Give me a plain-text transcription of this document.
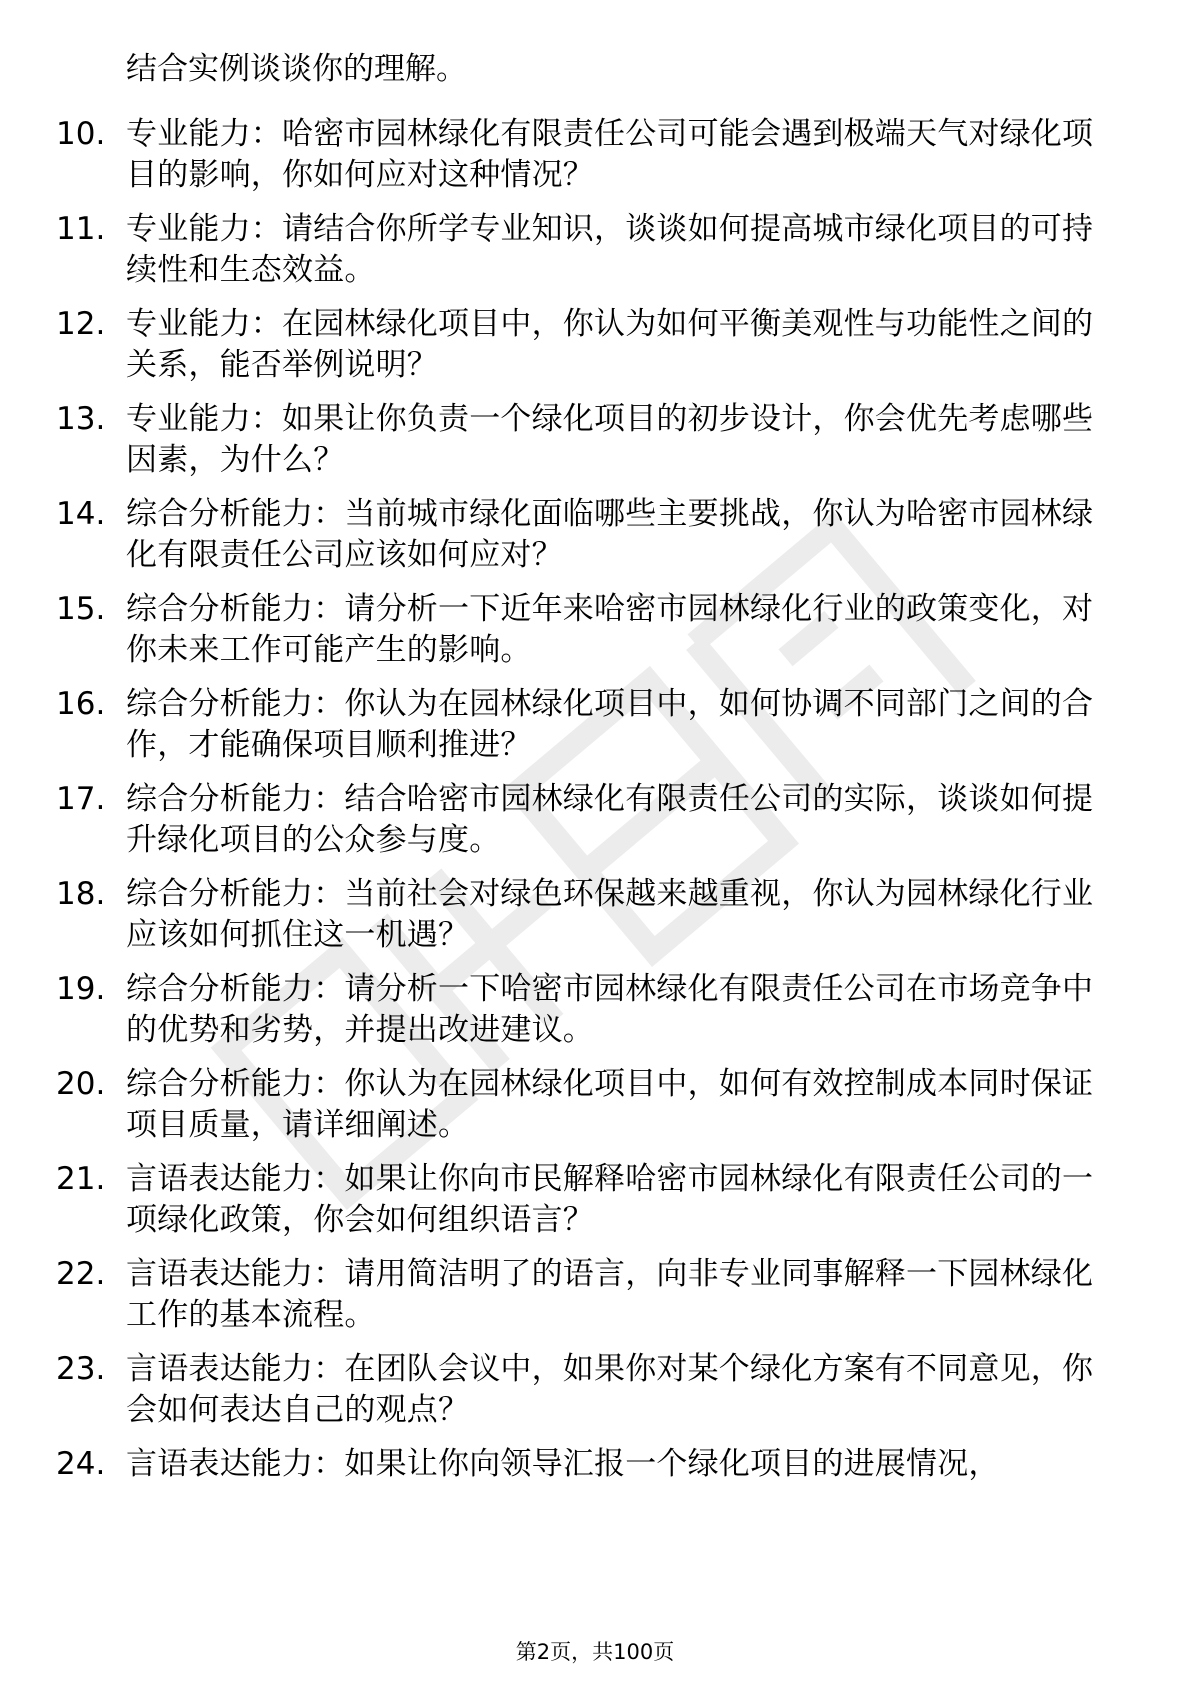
结合实例谈谈你的理解。
10. 专业能力：哈密市园林绿化有限责任公司可能会遇到极端天气对绿化项目的影响，你如何应对这种情况？
11. 专业能力：请结合你所学专业知识，谈谈如何提高城市绿化项目的可持续性和生态效益。
12. 专业能力：在园林绿化项目中，你认为如何平衡美观性与功能性之间的关系，能否举例说明？
13. 专业能力：如果让你负责一个绿化项目的初步设计，你会优先考虑哪些因素，为什么？
14. 综合分析能力：当前城市绿化面临哪些主要挑战，你认为哈密市园林绿化有限责任公司应该如何应对？
15. 综合分析能力：请分析一下近年来哈密市园林绿化行业的政策变化，对你未来工作可能产生的影响。
16. 综合分析能力：你认为在园林绿化项目中，如何协调不同部门之间的合作，才能确保项目顺利推进？
17. 综合分析能力：结合哈密市园林绿化有限责任公司的实际，谈谈如何提升绿化项目的公众参与度。
18. 综合分析能力：当前社会对绿色环保越来越重视，你认为园林绿化行业应该如何抓住这一机遇？
19. 综合分析能力：请分析一下哈密市园林绿化有限责任公司在市场竞争中的优势和劣势，并提出改进建议。
20. 综合分析能力：你认为在园林绿化项目中，如何有效控制成本同时保证项目质量，请详细阐述。
21. 言语表达能力：如果让你向市民解释哈密市园林绿化有限责任公司的一项绿化政策，你会如何组织语言？
22. 言语表达能力：请用简洁明了的语言，向非专业同事解释一下园林绿化工作的基本流程。
23. 言语表达能力：在团队会议中，如果你对某个绿化方案有不同意见，你会如何表达自己的观点？
24. 言语表达能力：如果让你向领导汇报一个绿化项目的进展情况，
第2页，共100页
